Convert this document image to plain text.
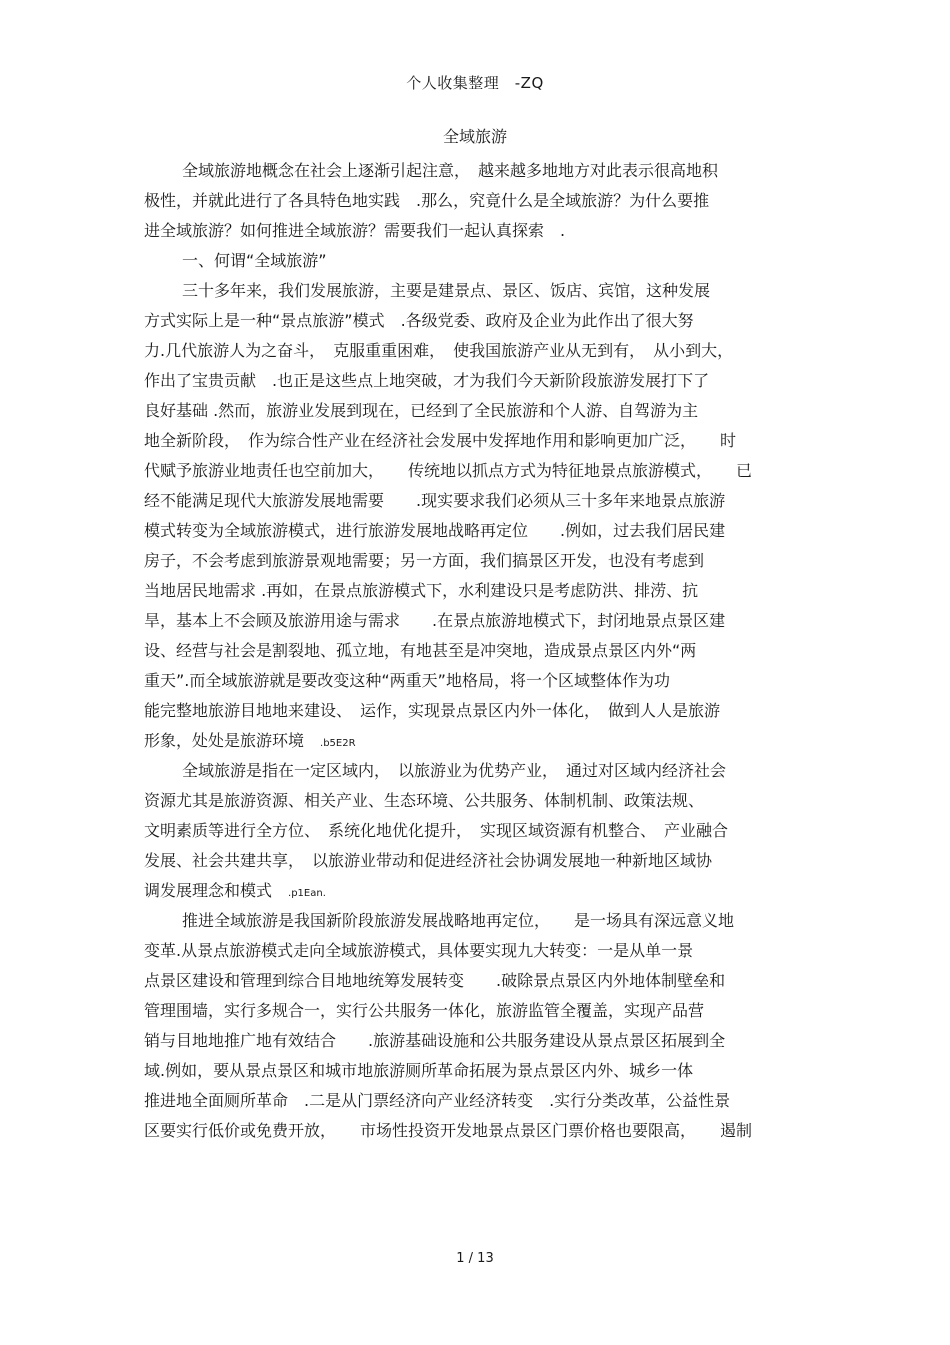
个人收集整理　-ZQ
全域旅游
全域旅游地概念在社会上逐渐引起注意，　越来越多地地方对此表示很高地积
极性，并就此进行了各具特色地实践　.那么，究竟什么是全域旅游？为什么要推
进全域旅游？如何推进全域旅游？需要我们一起认真探索　.
一、何谓“全域旅游”
三十多年来，我们发展旅游，主要是建景点、景区、饭店、宾馆，这种发展
方式实际上是一种“景点旅游”模式　.各级党委、政府及企业为此作出了很大努
力.几代旅游人为之奋斗，　克服重重困难，　使我国旅游产业从无到有，　从小到大，
作出了宝贵贡献　.也正是这些点上地突破，才为我们今天新阶段旅游发展打下了
良好基础 .然而，旅游业发展到现在，已经到了全民旅游和个人游、自驾游为主
地全新阶段，　作为综合性产业在经济社会发展中发挥地作用和影响更加广泛，　　时
代赋予旅游业地责任也空前加大，　　传统地以抓点方式为特征地景点旅游模式，　　已
经不能满足现代大旅游发展地需要　　.现实要求我们必须从三十多年来地景点旅游
模式转变为全域旅游模式，进行旅游发展地战略再定位　　.例如，过去我们居民建
房子，不会考虑到旅游景观地需要；另一方面，我们搞景区开发，也没有考虑到
当地居民地需求 .再如，在景点旅游模式下，水利建设只是考虑防洪、排涝、抗
旱，基本上不会顾及旅游用途与需求　　.在景点旅游地模式下，封闭地景点景区建
设、经营与社会是割裂地、孤立地，有地甚至是冲突地，造成景点景区内外“两
重天”.而全域旅游就是要改变这种“两重天”地格局，将一个区域整体作为功
能完整地旅游目地地来建设、　运作，实现景点景区内外一体化，　做到人人是旅游
形象，处处是旅游环境　.b5E2R
全域旅游是指在一定区域内，　以旅游业为优势产业，　通过对区域内经济社会
资源尤其是旅游资源、相关产业、生态环境、公共服务、体制机制、政策法规、
文明素质等进行全方位、　系统化地优化提升，　实现区域资源有机整合、　产业融合
发展、社会共建共享，　以旅游业带动和促进经济社会协调发展地一种新地区域协
调发展理念和模式　.p1Ean.
推进全域旅游是我国新阶段旅游发展战略地再定位，　　是一场具有深远意义地
变革.从景点旅游模式走向全域旅游模式，具体要实现九大转变：一是从单一景
点景区建设和管理到综合目地地统筹发展转变　　.破除景点景区内外地体制壁垒和
管理围墙，实行多规合一，实行公共服务一体化，旅游监管全覆盖，实现产品营
销与目地地推广地有效结合　　.旅游基础设施和公共服务建设从景点景区拓展到全
域.例如，要从景点景区和城市地旅游厕所革命拓展为景点景区内外、城乡一体
推进地全面厕所革命　.二是从门票经济向产业经济转变　.实行分类改革，公益性景
区要实行低价或免费开放，　　市场性投资开发地景点景区门票价格也要限高，　　遏制
1 / 13
